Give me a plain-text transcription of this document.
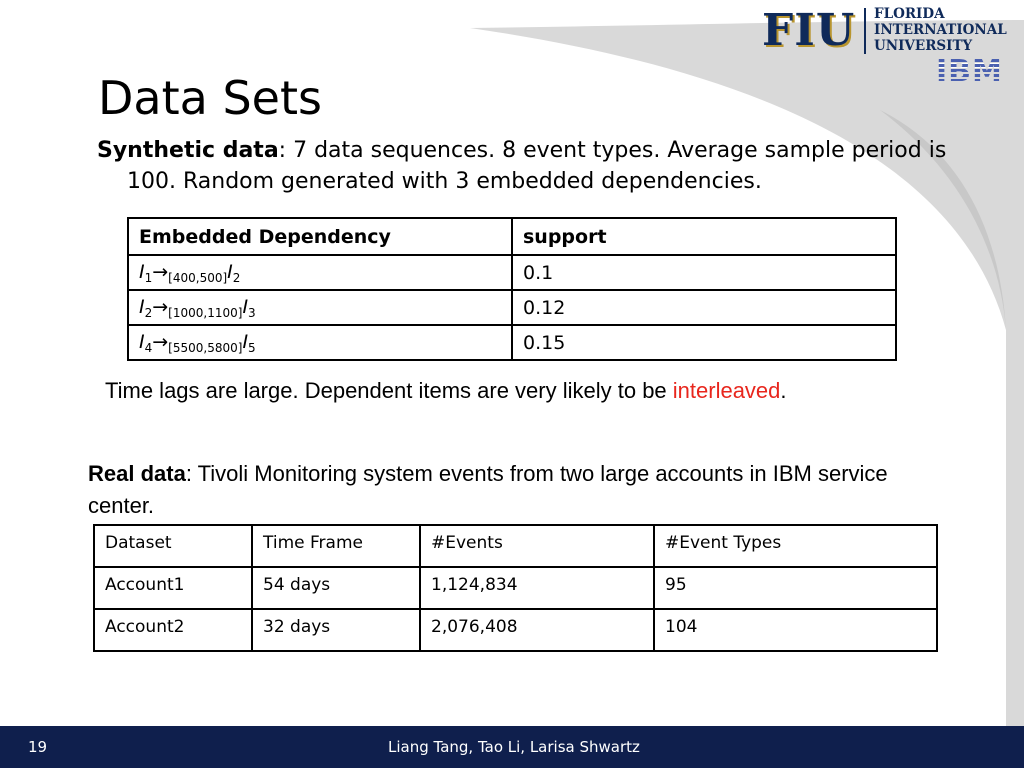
FIU FLORIDA
INTERNATIONAL
UNIVERSITY
IBM
Data Sets
Synthetic data: 7 data sequences. 8 event types. Average sample period is 100. Random generated with 3 embedded dependencies.
Embedded Dependency	support
$I_1\to_{[400,500]}I_2$	0.1
$I_2\to_{[1000,1100]}I_3$	0.12
$I_4\to_{[5500,5800]}I_5$	0.15
Time lags are large. Dependent items are very likely to be interleaved.
Real data: Tivoli Monitoring system events from two large accounts in IBM service center.
Dataset	Time Frame	#Events	#Event Types
Account1	54 days	1,124,834	95
Account2	32 days	2,076,408	104
19	Liang Tang, Tao Li, Larisa Shwartz
